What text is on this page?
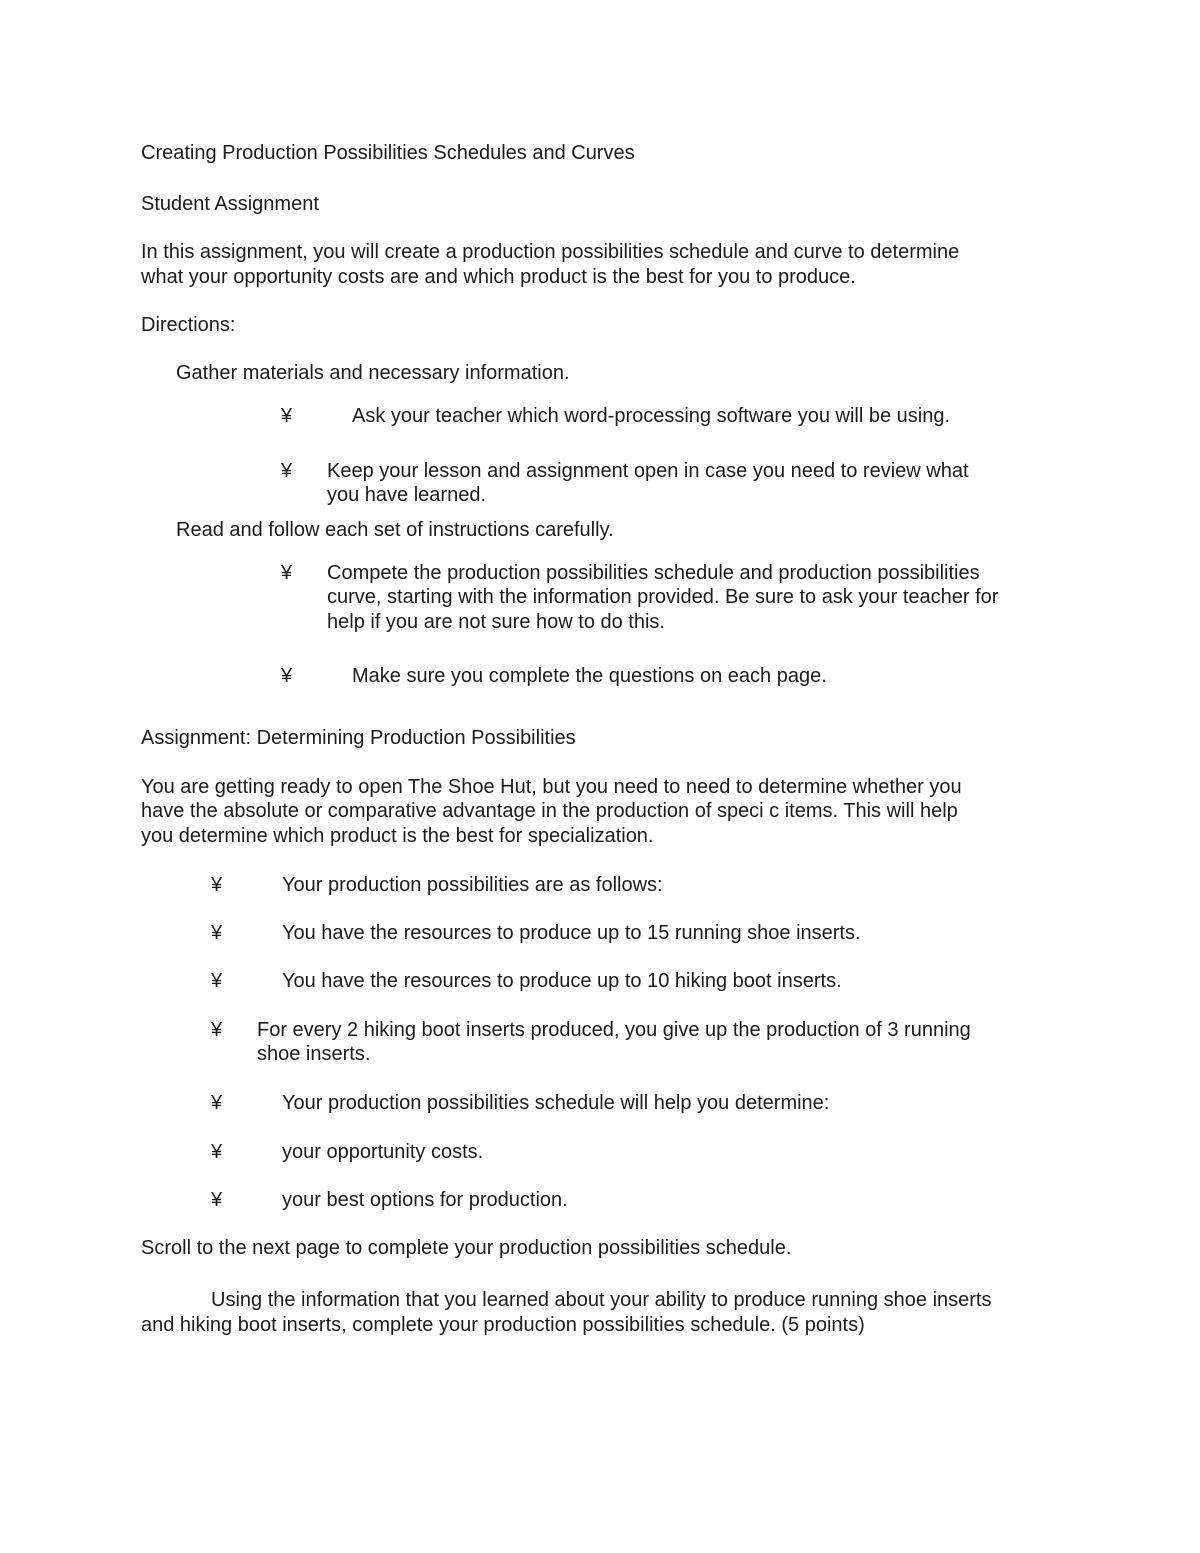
Creating Production Possibilities Schedules and Curves

Student Assignment

In this assignment, you will create a production possibilities schedule and curve to determine

what your opportunity costs are and which product is the best for you to produce.

Directions:

Gather materials and necessary information.

¥	Ask your teacher which word-processing software you will be using.

¥ Keep your lesson and assignment open in case you need to review what

you have learned.

Read and follow each set of instructions carefully.

¥ Compete the production possibilities schedule and production possibilities

curve, starting with the information provided. Be sure to ask your teacher for

help if you are not sure how to do this.

¥	Make sure you complete the questions on each page.

Assignment: Determining Production Possibilities

You are getting ready to open The Shoe Hut, but you need to need to determine whether you

have the absolute or comparative advantage in the production of speci c items. This will help

you determine which product is the best for specialization.

¥	Your production possibilities are as follows:

¥	You have the resources to produce up to 15 running shoe inserts.

¥	You have the resources to produce up to 10 hiking boot inserts.

¥ For every 2 hiking boot inserts produced, you give up the production of 3 running

shoe inserts.

¥	Your production possibilities schedule will help you determine:

¥	your opportunity costs.

¥	your best options for production.

Scroll to the next page to complete your production possibilities schedule.

Using the information that you learned about your ability to produce running shoe inserts

and hiking boot inserts, complete your production possibilities schedule. (5 points)
